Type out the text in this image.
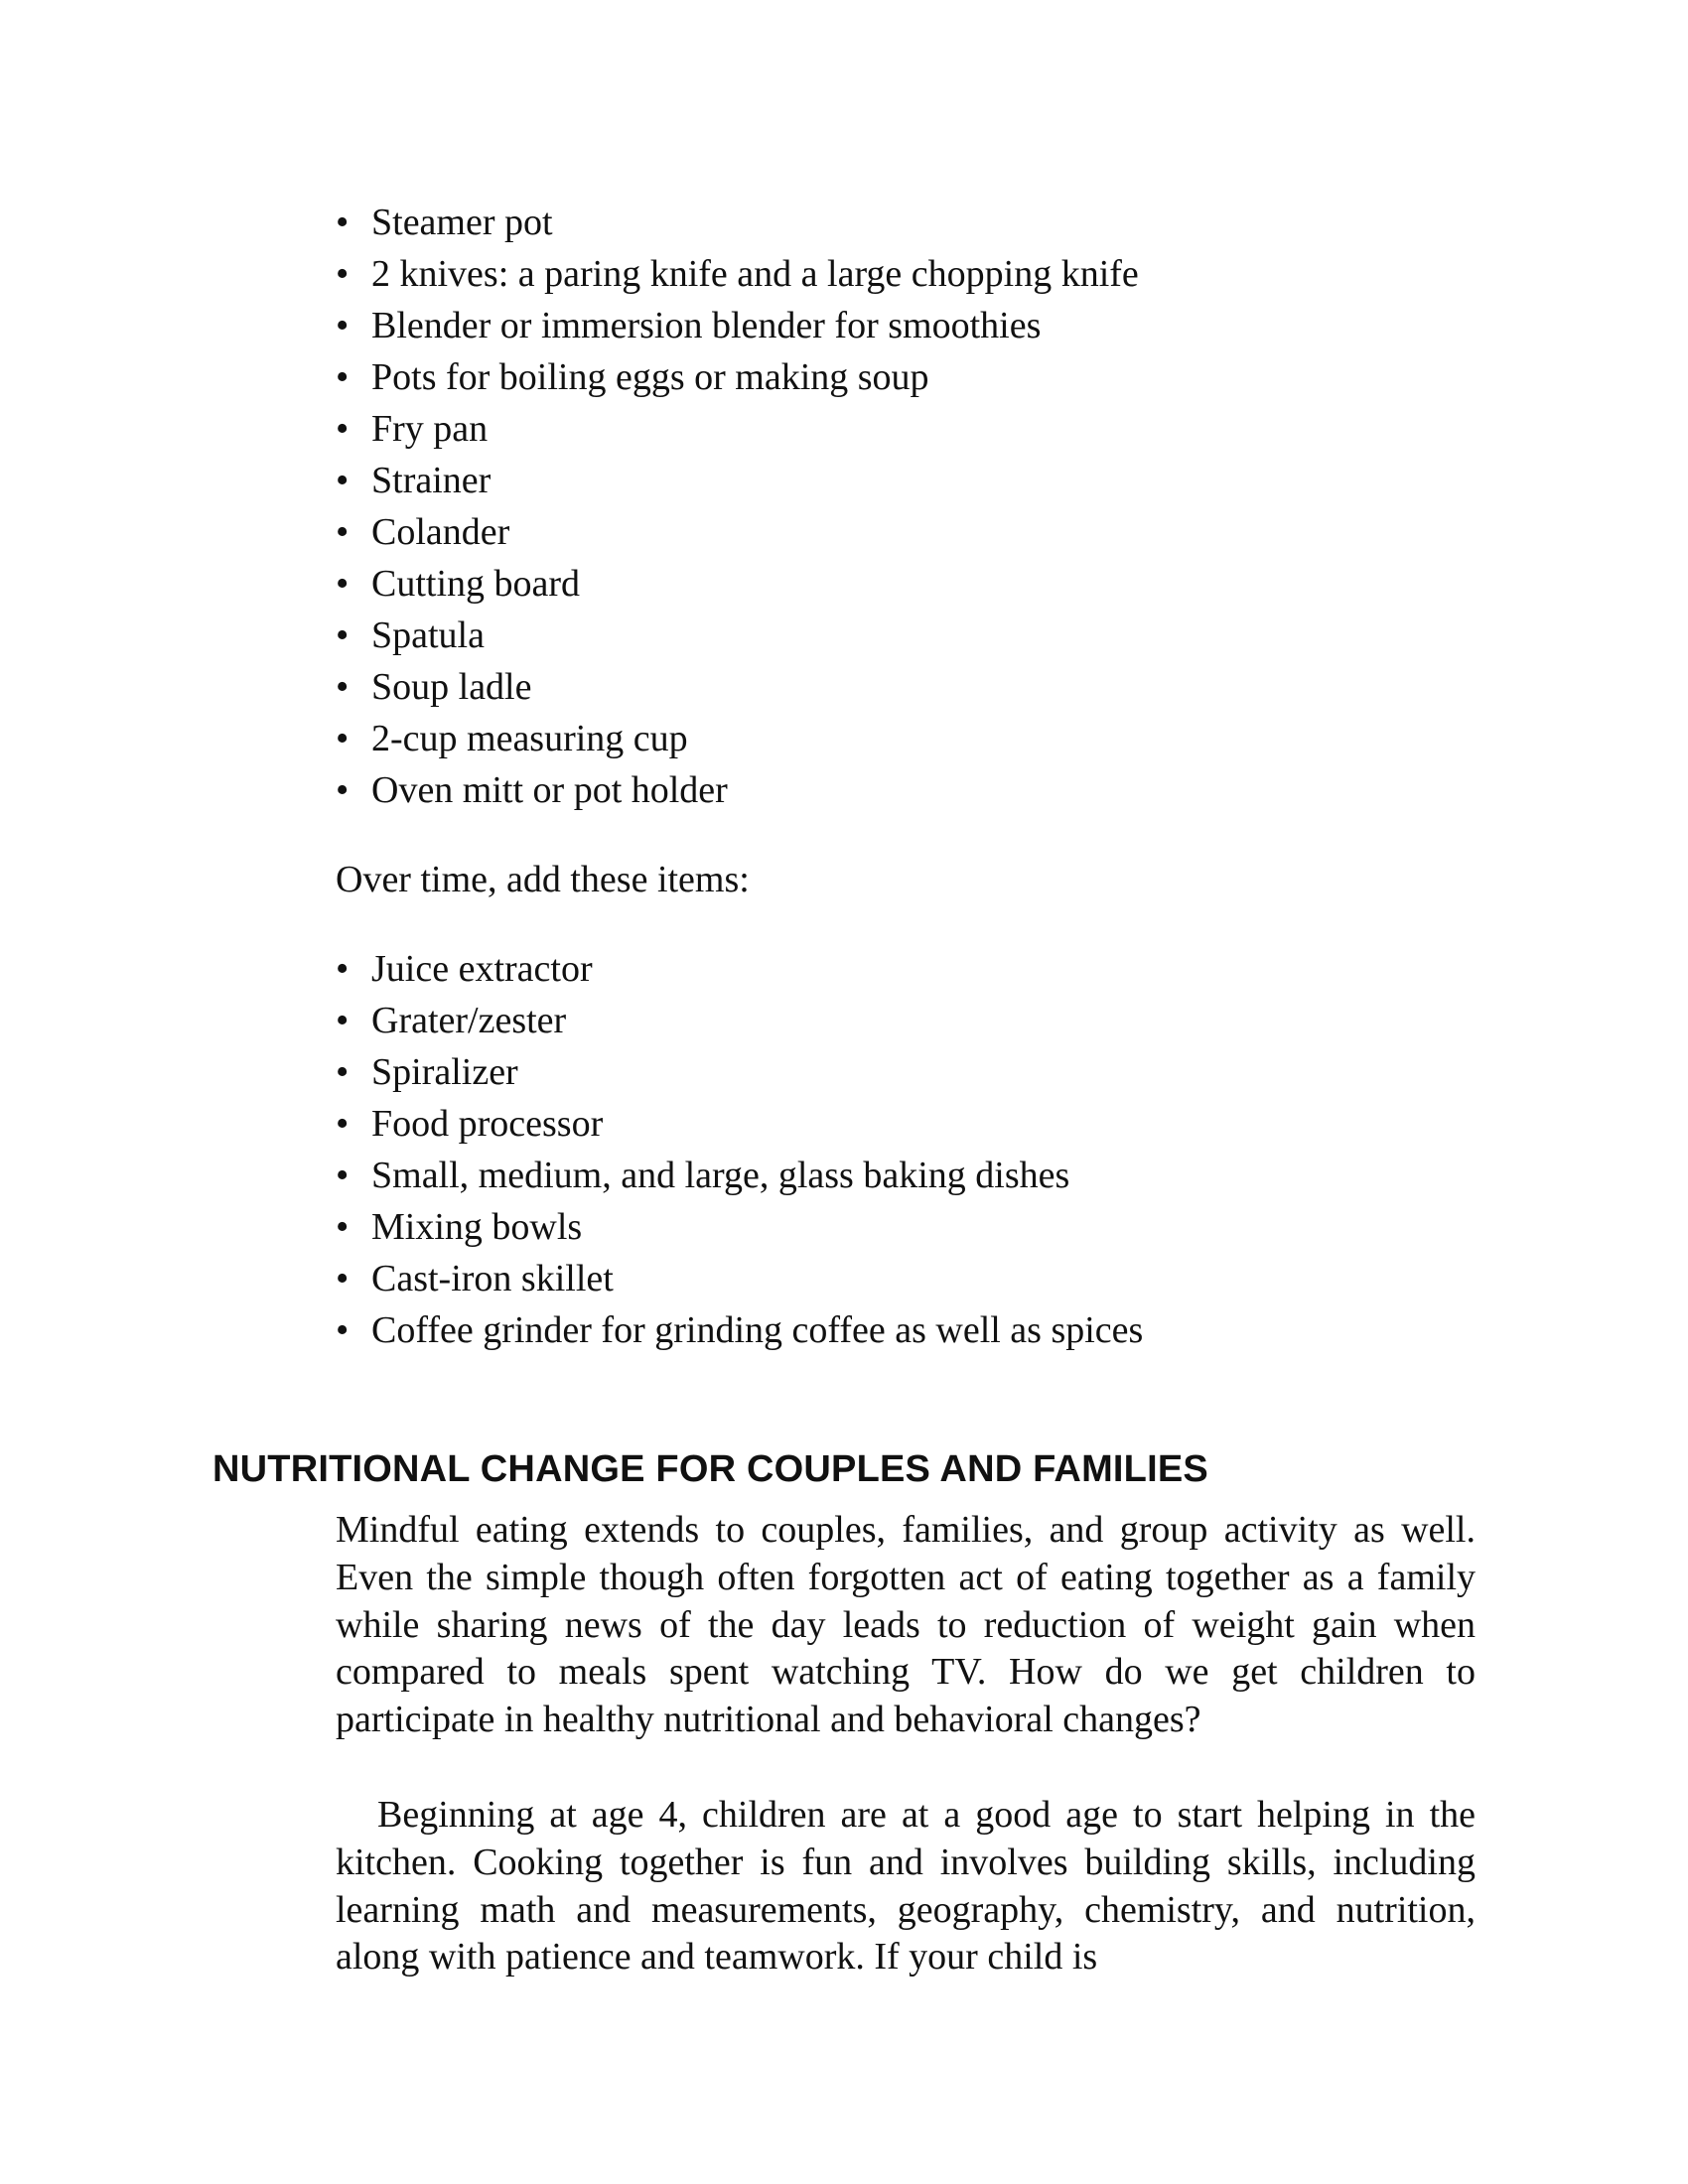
• Steamer pot
• 2 knives: a paring knife and a large chopping knife
• Blender or immersion blender for smoothies
• Pots for boiling eggs or making soup
• Fry pan
• Strainer
• Colander
• Cutting board
• Spatula
• Soup ladle
• 2-cup measuring cup
• Oven mitt or pot holder
Over time, add these items:
• Juice extractor
• Grater/zester
• Spiralizer
• Food processor
• Small, medium, and large, glass baking dishes
• Mixing bowls
• Cast-iron skillet
• Coffee grinder for grinding coffee as well as spices
NUTRITIONAL CHANGE FOR COUPLES AND FAMILIES

Mindful eating extends to couples, families, and group activity as well. Even the simple though often forgotten act of eating together as a family while sharing news of the day leads to reduction of weight gain when compared to meals spent watching TV. How do we get children to participate in healthy nutritional and behavioral changes?

Beginning at age 4, children are at a good age to start helping in the kitchen. Cooking together is fun and involves building skills, including learning math and measurements, geography, chemistry, and nutrition, along with patience and teamwork. If your child is
